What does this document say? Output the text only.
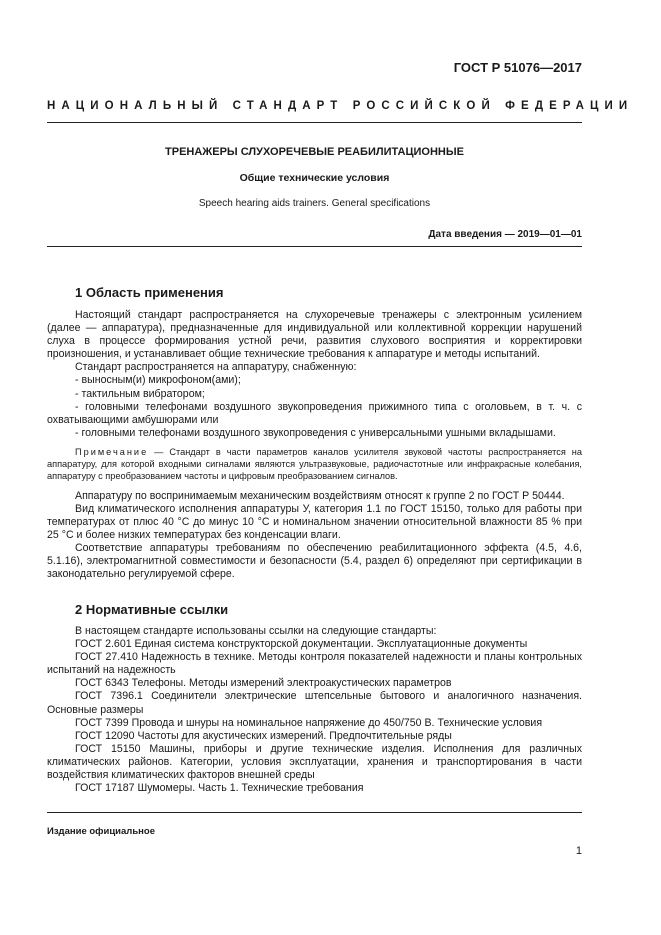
ГОСТ Р 51076—2017
НАЦИОНАЛЬНЫЙ СТАНДАРТ РОССИЙСКОЙ ФЕДЕРАЦИИ
ТРЕНАЖЕРЫ СЛУХОРЕЧЕВЫЕ РЕАБИЛИТАЦИОННЫЕ
Общие технические условия
Speech hearing aids trainers. General specifications
Дата введения — 2019—01—01
1 Область применения

Настоящий стандарт распространяется на слухоречевые тренажеры с электронным усилением (далее — аппаратура), предназначенные для индивидуальной или коллективной коррекции нарушений слуха в процессе формирования устной речи, развития слухового восприятия и корректировки произношения, и устанавливает общие технические требования к аппаратуре и методы испытаний.

Стандарт распространяется на аппаратуру, снабженную:

- выносным(и) микрофоном(ами);

- тактильным вибратором;

- головными телефонами воздушного звукопроведения прижимного типа с оголовьем, в т. ч. с охватывающими амбушюрами или

- головными телефонами воздушного звукопроведения с универсальными ушными вкладышами.

Примечание — Стандарт в части параметров каналов усилителя звуковой частоты распространяется на аппаратуру, для которой входными сигналами являются ультразвуковые, радиочастотные или инфракрасные колебания, аппаратуру с преобразованием частоты и цифровым преобразованием сигналов.

Аппаратуру по воспринимаемым механическим воздействиям относят к группе 2 по ГОСТ Р 50444.

Вид климатического исполнения аппаратуры У, категория 1.1 по ГОСТ 15150, только для работы при температурах от плюс 40 °С до минус 10 °С и номинальном значении относительной влажности 85 % при 25 °С и более низких температурах без конденсации влаги.

Соответствие аппаратуры требованиям по обеспечению реабилитационного эффекта (4.5, 4.6, 5.1.16), электромагнитной совместимости и безопасности (5.4, раздел 6) определяют при сертификации в законодательно регулируемой сфере.

2 Нормативные ссылки

В настоящем стандарте использованы ссылки на следующие стандарты:

ГОСТ 2.601 Единая система конструкторской документации. Эксплуатационные документы

ГОСТ 27.410 Надежность в технике. Методы контроля показателей надежности и планы контрольных испытаний на надежность

ГОСТ 6343 Телефоны. Методы измерений электроакустических параметров

ГОСТ 7396.1 Соединители электрические штепсельные бытового и аналогичного назначения. Основные размеры

ГОСТ 7399 Провода и шнуры на номинальное напряжение до 450/750 В. Технические условия

ГОСТ 12090 Частоты для акустических измерений. Предпочтительные ряды

ГОСТ 15150 Машины, приборы и другие технические изделия. Исполнения для различных климатических районов. Категории, условия эксплуатации, хранения и транспортирования в части воздействия климатических факторов внешней среды

ГОСТ 17187 Шумомеры. Часть 1. Технические требования

Издание официальное
1
